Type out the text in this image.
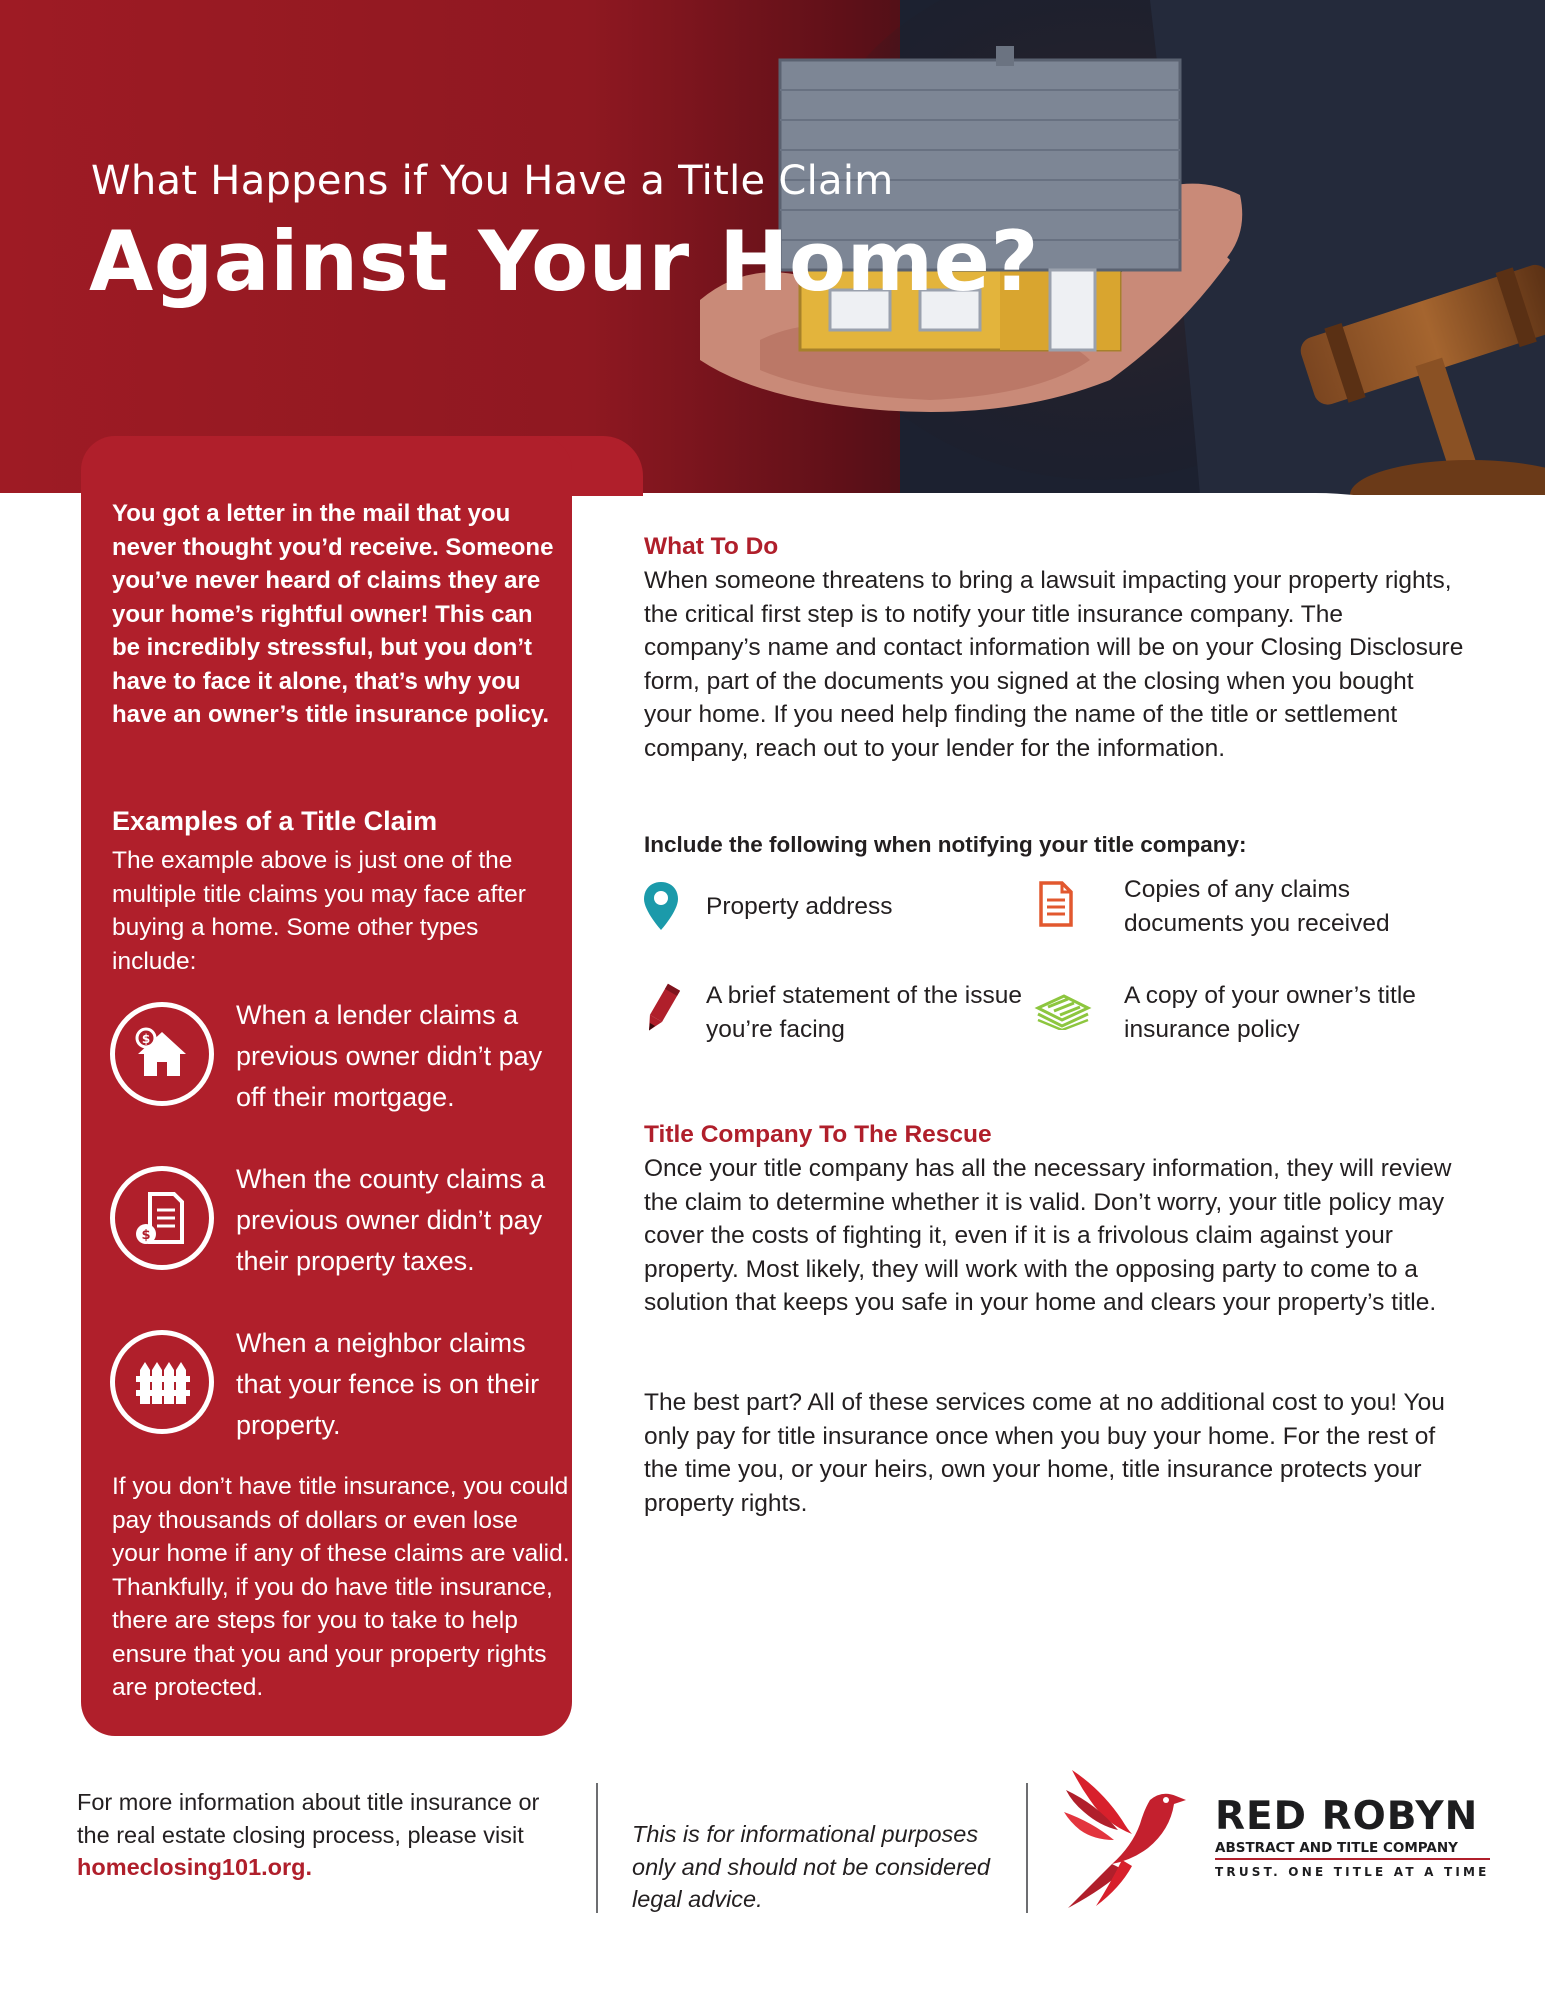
What Happens if You Have a Title Claim
Against Your Home?
You got a letter in the mail that you never thought you’d receive. Someone you’ve never heard of claims they are your home’s rightful owner! This can be incredibly stressful, but you don’t have to face it alone, that’s why you have an owner’s title insurance policy.
Examples of a Title Claim
The example above is just one of the multiple title claims you may face after buying a home. Some other types include:
$
When a lender claims a previous owner didn’t pay off their mortgage.
$
When the county claims a previous owner didn’t pay their property taxes.
When a neighbor claims that your fence is on their property.
If you don’t have title insurance, you could pay thousands of dollars or even lose your home if any of these claims are valid. Thankfully, if you do have title insurance, there are steps for you to take to help ensure that you and your property rights are protected.
What To Do
When someone threatens to bring a lawsuit impacting your property rights, the critical first step is to notify your title insurance company. The company’s name and contact information will be on your Closing Disclosure form, part of the documents you signed at the closing when you bought your home. If you need help finding the name of the title or settlement company, reach out to your lender for the information.
Include the following when notifying your title company:
Property address
Copies of any claims documents you received
A brief statement of the issue you’re facing
A copy of your owner’s title insurance policy
Title Company To The Rescue
Once your title company has all the necessary information, they will review the claim to determine whether it is valid. Don’t worry, your title policy may cover the costs of fighting it, even if it is a frivolous claim against your property. Most likely, they will work with the opposing party to come to a solution that keeps you safe in your home and clears your property’s title.
The best part? All of these services come at no additional cost to you! You only pay for title insurance once when you buy your home. For the rest of the time you, or your heirs, own your home, title insurance protects your property rights.
For more information about title insurance or the real estate closing process, please visit homeclosing101.org.
This is for informational purposes only and should not be considered legal advice.
RED ROBYN
ABSTRACT AND TITLE COMPANY
TRUST. ONE TITLE AT A TIME
